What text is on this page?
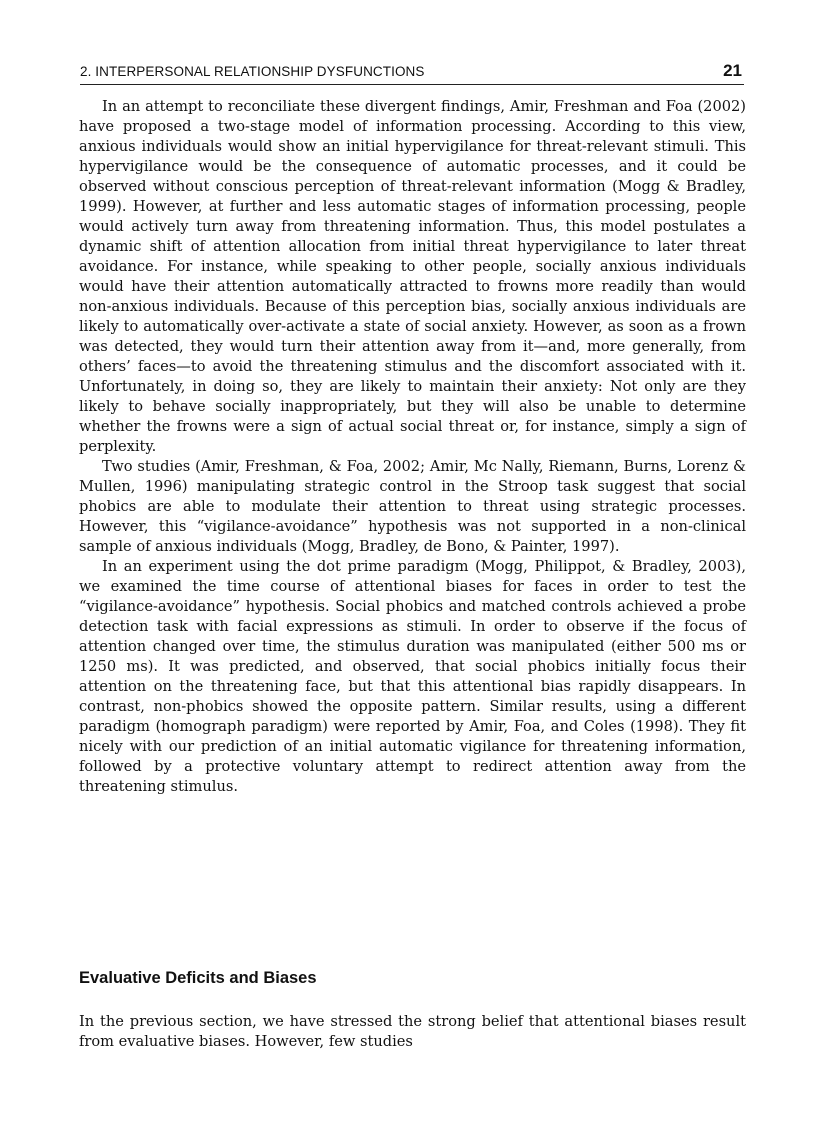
2. INTERPERSONAL RELATIONSHIP DYSFUNCTIONS	21

In an attempt to reconciliate these divergent findings, Amir, Freshman and Foa (2002) have proposed a two-stage model of information processing. According to this view, anxious individuals would show an initial hypervigilance for threat-relevant stimuli. This hypervigilance would be the consequence of automatic processes, and it could be observed without conscious perception of threat-relevant information (Mogg & Bradley, 1999). However, at further and less automatic stages of information processing, people would actively turn away from threatening information. Thus, this model postulates a dynamic shift of attention allocation from initial threat hypervigilance to later threat avoidance. For instance, while speaking to other people, socially anxious individuals would have their attention automatically attracted to frowns more readily than would non-anxious individuals. Because of this perception bias, socially anxious individuals are likely to automatically over-activate a state of social anxiety. However, as soon as a frown was detected, they would turn their attention away from it—and, more generally, from others’ faces—to avoid the threatening stimulus and the discomfort associated with it. Unfortunately, in doing so, they are likely to maintain their anxiety: Not only are they likely to behave socially inappropriately, but they will also be unable to determine whether the frowns were a sign of actual social threat or, for instance, simply a sign of perplexity.

Two studies (Amir, Freshman, & Foa, 2002; Amir, Mc Nally, Riemann, Burns, Lorenz & Mullen, 1996) manipulating strategic control in the Stroop task suggest that social phobics are able to modulate their attention to threat using strategic processes. However, this “vigilance-avoidance” hypothesis was not supported in a non-clinical sample of anxious individuals (Mogg, Bradley, de Bono, & Painter, 1997).

In an experiment using the dot prime paradigm (Mogg, Philippot, & Bradley, 2003), we examined the time course of attentional biases for faces in order to test the “vigilance-avoidance” hypothesis. Social phobics and matched controls achieved a probe detection task with facial expressions as stimuli. In order to observe if the focus of attention changed over time, the stimulus duration was manipulated (either 500 ms or 1250 ms). It was predicted, and observed, that social phobics initially focus their attention on the threatening face, but that this attentional bias rapidly disappears. In contrast, non-phobics showed the opposite pattern. Similar results, using a different paradigm (homograph paradigm) were reported by Amir, Foa, and Coles (1998). They fit nicely with our prediction of an initial automatic vigilance for threatening information, followed by a protective voluntary attempt to redirect attention away from the threatening stimulus.

Evaluative Deficits and Biases

In the previous section, we have stressed the strong belief that attentional biases result from evaluative biases. However, few studies
